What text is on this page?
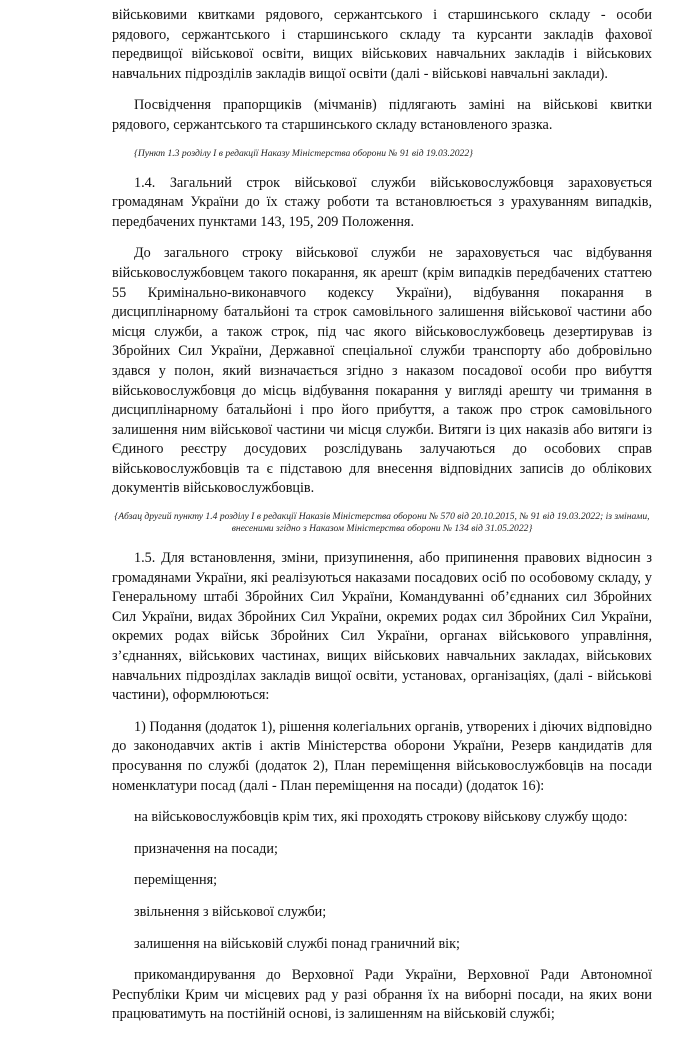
військовими квитками рядового, сержантського і старшинського складу - особи рядового, сержантського і старшинського складу та курсанти закладів фахової передвищої військової освіти, вищих військових навчальних закладів і військових навчальних підрозділів закладів вищої освіти (далі - військові навчальні заклади).

Посвідчення прапорщиків (мічманів) підлягають заміні на військові квитки рядового, сержантського та старшинського складу встановленого зразка.

{Пункт 1.3 розділу I в редакції Наказу Міністерства оборони № 91 від 19.03.2022}

1.4. Загальний строк військової служби військовослужбовця зараховується громадянам України до їх стажу роботи та встановлюється з урахуванням випадків, передбачених пунктами 143, 195, 209 Положення.

До загального строку військової служби не зараховується час відбування військовослужбовцем такого покарання, як арешт (крім випадків передбачених статтею 55 Кримінально-виконавчого кодексу України), відбування покарання в дисциплінарному батальйоні та строк самовільного залишення військової частини або місця служби, а також строк, під час якого військовослужбовець дезертирував із Збройних Сил України, Державної спеціальної служби транспорту або добровільно здався у полон, який визначається згідно з наказом посадової особи про вибуття військовослужбовця до місць відбування покарання у вигляді арешту чи тримання в дисциплінарному батальйоні і про його прибуття, а також про строк самовільного залишення ним військової частини чи місця служби. Витяги із цих наказів або витяги із Єдиного реєстру досудових розслідувань залучаються до особових справ військовослужбовців та є підставою для внесення відповідних записів до облікових документів військовослужбовців.

{Абзац другий пункту 1.4 розділу I в редакції Наказів Міністерства оборони № 570 від 20.10.2015, № 91 від 19.03.2022; із змінами, внесеними згідно з Наказом Міністерства оборони № 134 від 31.05.2022}

1.5. Для встановлення, зміни, призупинення, або припинення правових відносин з громадянами України, які реалізуються наказами посадових осіб по особовому складу, у Генеральному штабі Збройних Сил України, Командуванні об’єднаних сил Збройних Сил України, видах Збройних Сил України, окремих родах сил Збройних Сил України, окремих родах військ Збройних Сил України, органах військового управління, з’єднаннях, військових частинах, вищих військових навчальних закладах, військових навчальних підрозділах закладів вищої освіти, установах, організаціях, (далі - військові частини), оформлюються:

1) Подання (додаток 1), рішення колегіальних органів, утворених і діючих відповідно до законодавчих актів і актів Міністерства оборони України, Резерв кандидатів для просування по службі (додаток 2), План переміщення військовослужбовців на посади номенклатури посад (далі - План переміщення на посади) (додаток 16):

на військовослужбовців крім тих, які проходять строкову військову службу щодо:

призначення на посади;

переміщення;

звільнення з військової служби;

залишення на військовій службі понад граничний вік;

прикомандирування до Верховної Ради України, Верховної Ради Автономної Республіки Крим чи місцевих рад у разі обрання їх на виборні посади, на яких вони працюватимуть на постійній основі, із залишенням на військовій службі;
